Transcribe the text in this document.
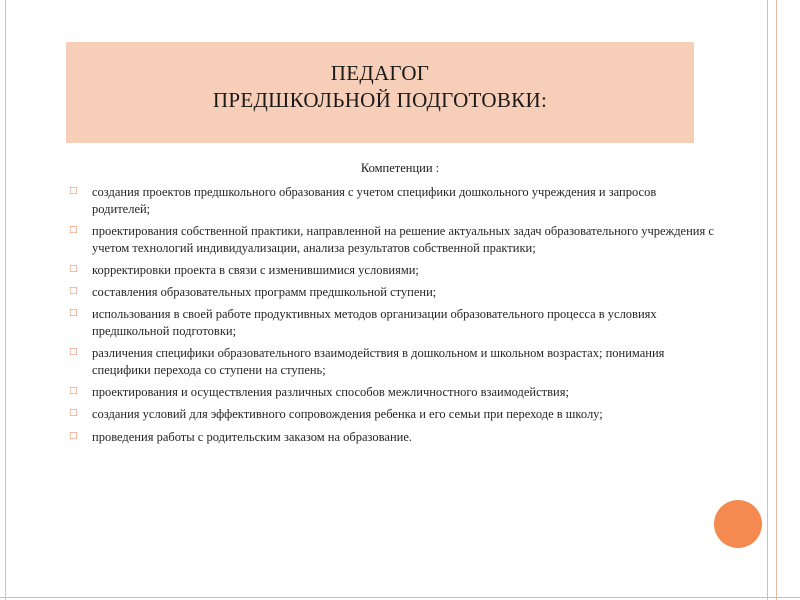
ПЕДАГОГ
ПРЕДШКОЛЬНОЙ ПОДГОТОВКИ:
Компетенции :
□ создания проектов предшкольного образования с учетом специфики дошкольного учреждения и запросов родителей;
□ проектирования собственной практики, направленной на решение актуальных задач образовательного учреждения с учетом технологий индивидуализации, анализа результатов собственной практики;
□ корректировки проекта в связи с изменившимися условиями;
□ составления образовательных программ предшкольной ступени;
□ использования в своей работе продуктивных методов организации образовательного процесса в условиях предшкольной подготовки;
□ различения специфики образовательного взаимодействия в дошкольном и школьном возрастах; понимания специфики перехода со ступени на ступень;
□ проектирования и осуществления различных способов межличностного взаимодействия;
□ создания условий для эффективного сопровождения ребенка и его семьи при переходе в школу;
□ проведения работы с родительским заказом на образование.
